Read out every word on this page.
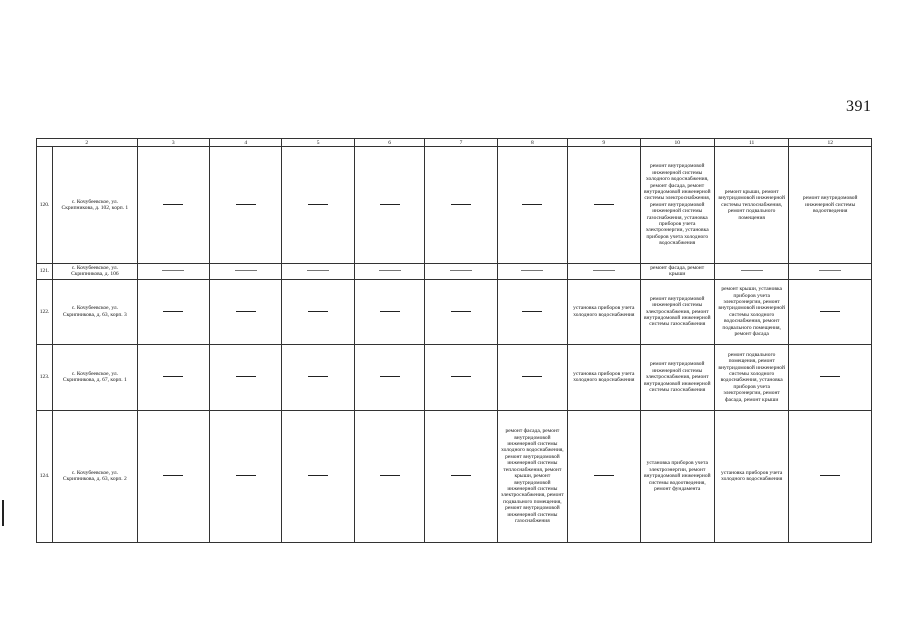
391
2		3	4	5	6	7	8	9	10	11	12
120.	с. Кочубеевское, ул. Скрипникова, д. 102, корп. 1								ремонт внутридомовой инженерной системы холодного водоснабжения, ремонт фасада, ремонт внутридомовой инженерной системы электроснабжения, ремонт внутридомовой инженерной системы газоснабжения, установка приборов учета электроэнергии, установка приборов учета холодного водоснабжения	ремонт крыши, ремонт внутридомовой инженерной системы теплоснабжения, ремонт подвального помещения	ремонт внутридомовой инженерной системы водоотведения
121.	с. Кочубеевское, ул. Скрипникова, д. 106								ремонт фасада, ремонт крыши		
122.	с. Кочубеевское, ул. Скрипникова, д. 63, корп. 3							установка приборов учета холодного водоснабжения	ремонт внутридомовой инженерной системы электроснабжения, ремонт внутридомовой инженерной системы газоснабжения	ремонт крыши, установка приборов учета электроэнергии, ремонт внутридомовой инженерной системы холодного водоснабжения, ремонт подвального помещения, ремонт фасада	
123.	с. Кочубеевское, ул. Скрипникова, д. 67, корп. 1							установка приборов учета холодного водоснабжения	ремонт внутридомовой инженерной системы электроснабжения, ремонт внутридомовой инженерной системы газоснабжения	ремонт подвального помещения, ремонт внутридомовой инженерной системы холодного водоснабжения, установка приборов учета электроэнергии, ремонт фасада, ремонт крыши	
124.	с. Кочубеевское, ул. Скрипникова, д. 63, корп. 2						ремонт фасада, ремонт внутридомовой инженерной системы холодного водоснабжения, ремонт внутридомовой инженерной системы теплоснабжения, ремонт крыши, ремонт внутридомовой инженерной системы электроснабжения, ремонт подвального помещения, ремонт внутридомовой инженерной системы газоснабжения		установка приборов учета электроэнергии, ремонт внутридомовой инженерной системы водоотведения, ремонт фундамента	установка приборов учета холодного водоснабжения	
